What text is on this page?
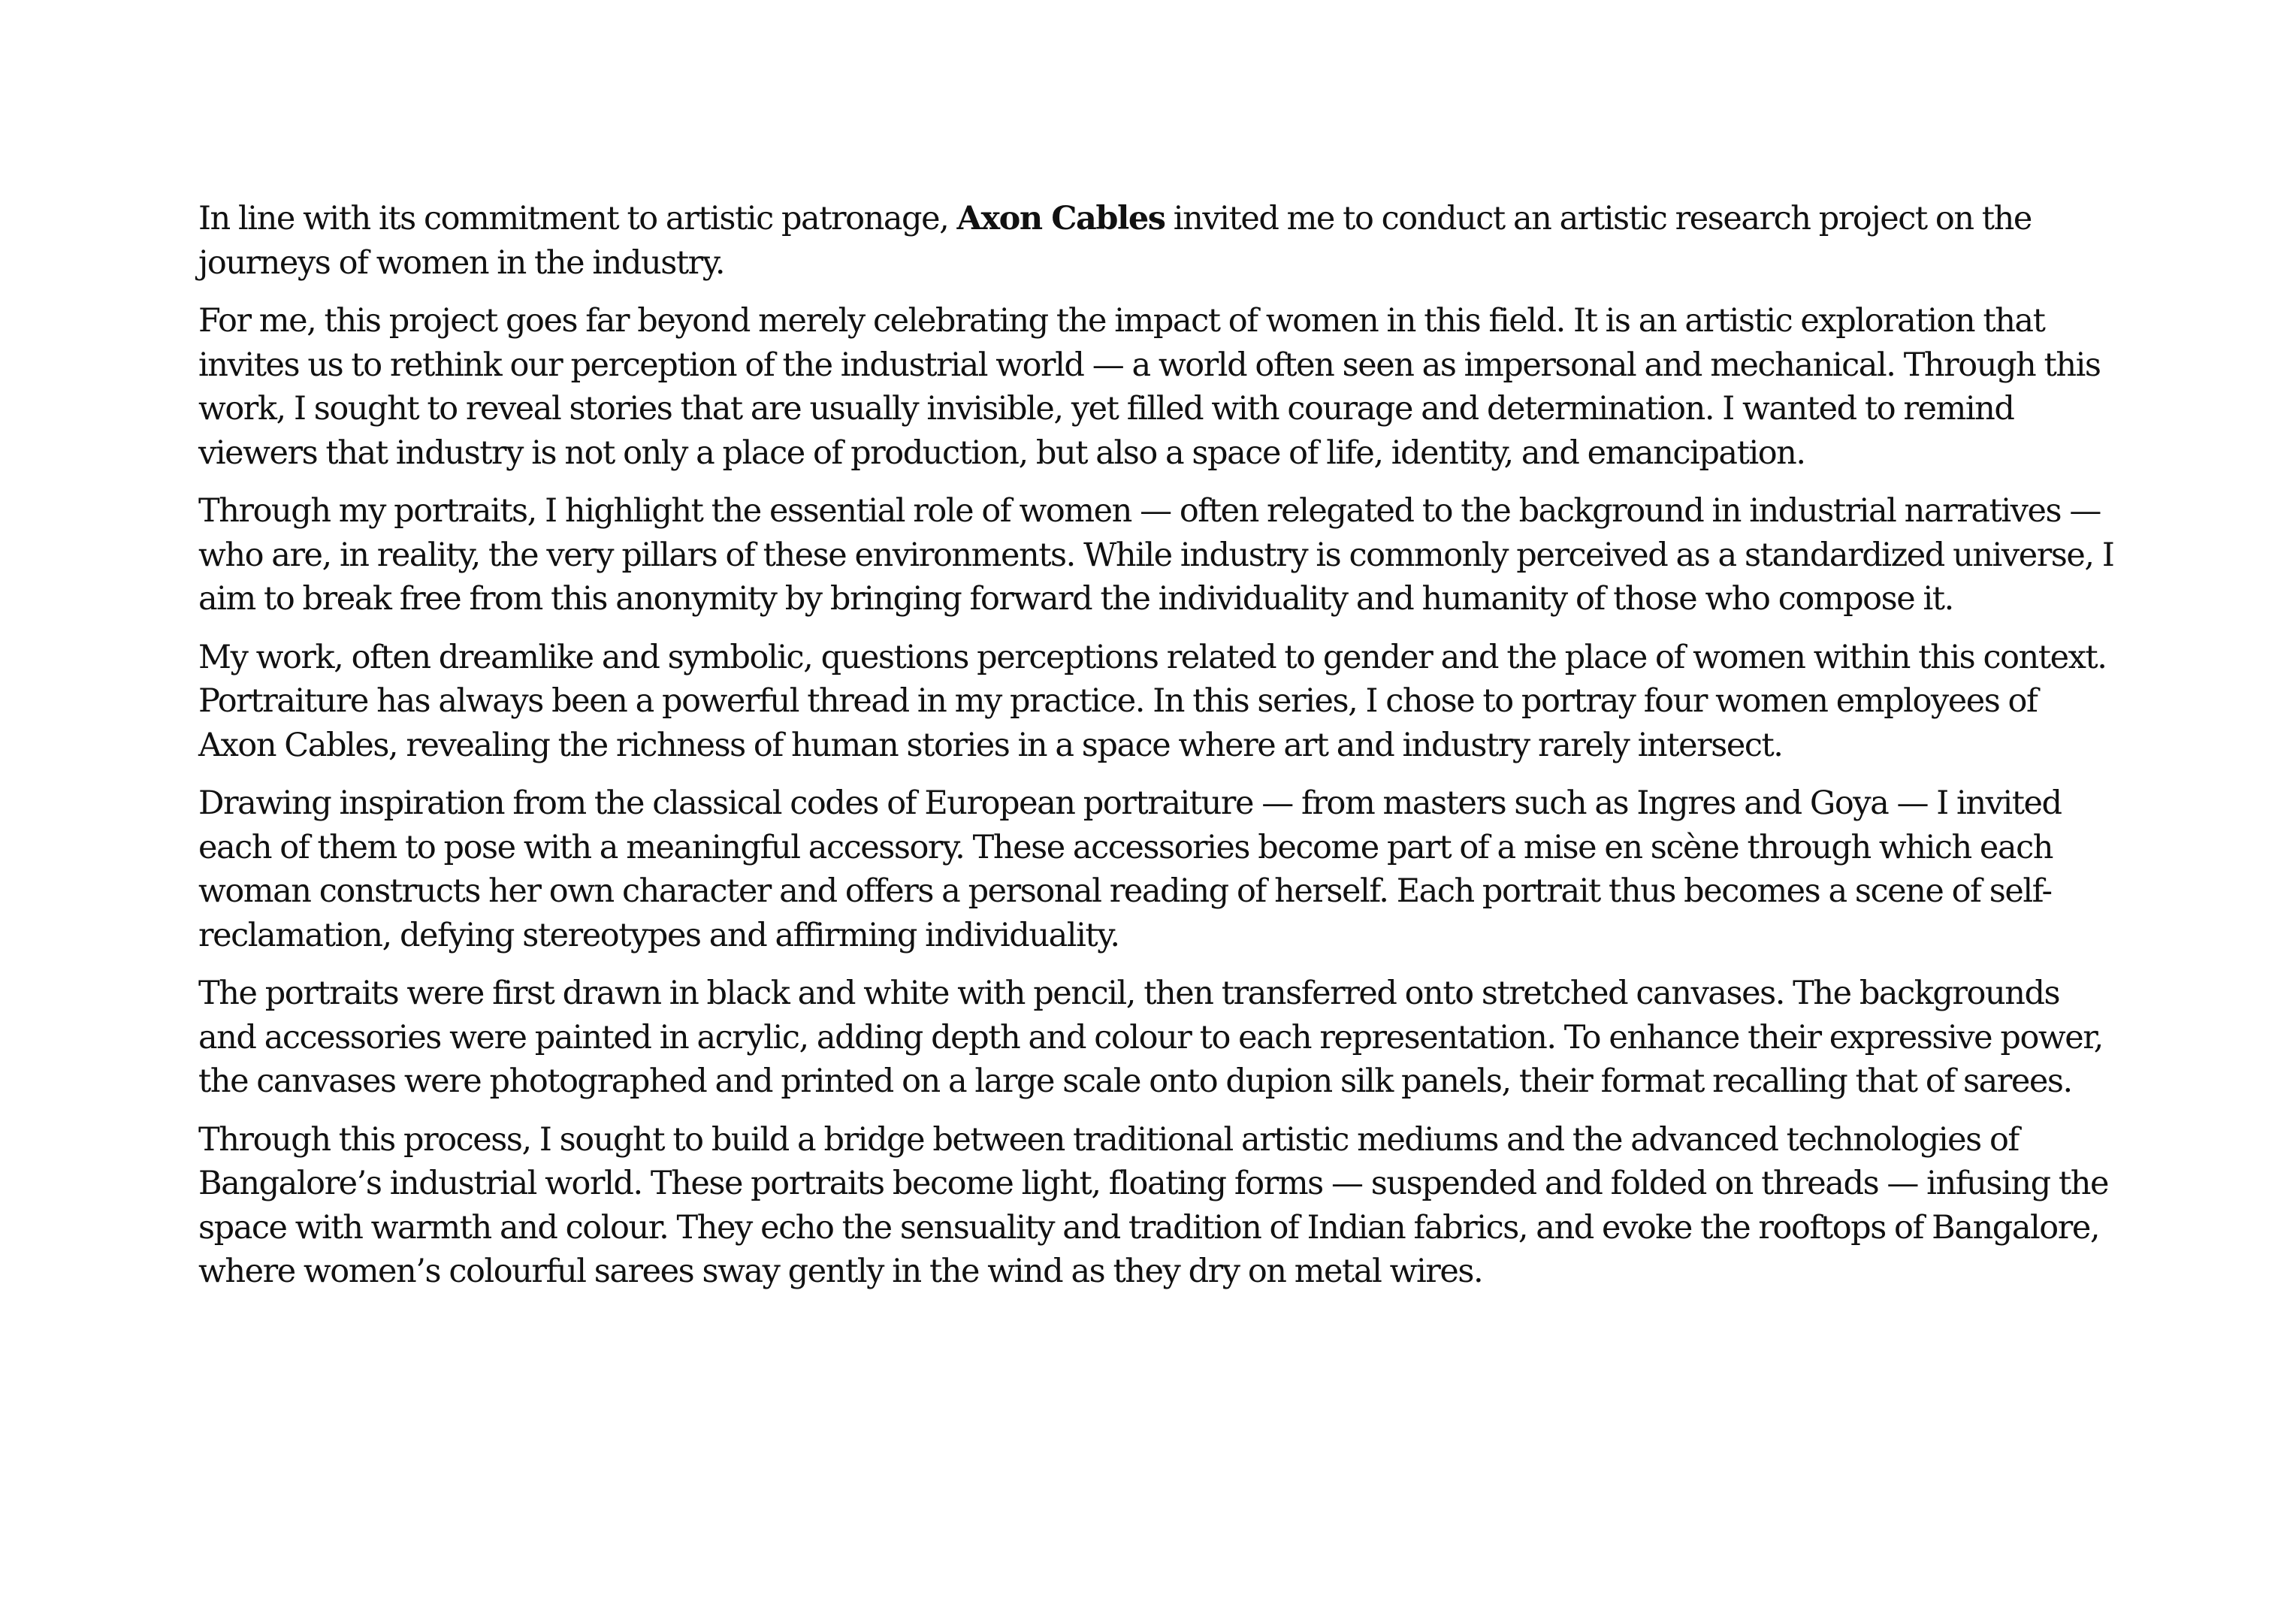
In line with its commitment to artistic patronage, Axon Cables invited me to conduct an artistic research project on the journeys of women in the industry.

For me, this project goes far beyond merely celebrating the impact of women in this field. It is an artistic exploration that invites us to rethink our perception of the industrial world — a world often seen as impersonal and mechanical. Through this work, I sought to reveal stories that are usually invisible, yet filled with courage and determination. I wanted to remind viewers that industry is not only a place of production, but also a space of life, identity, and emancipation.

Through my portraits, I highlight the essential role of women — often relegated to the background in industrial narratives — who are, in reality, the very pillars of these environments. While industry is commonly perceived as a standardized universe, I aim to break free from this anonymity by bringing forward the individuality and humanity of those who compose it.

My work, often dreamlike and symbolic, questions perceptions related to gender and the place of women within this context. Portraiture has always been a powerful thread in my practice. In this series, I chose to portray four women employees of Axon Cables, revealing the richness of human stories in a space where art and industry rarely intersect.

Drawing inspiration from the classical codes of European portraiture — from masters such as Ingres and Goya — I invited each of them to pose with a meaningful accessory. These accessories become part of a mise en scène through which each woman constructs her own character and offers a personal reading of herself. Each portrait thus becomes a scene of self-reclamation, defying stereotypes and affirming individuality.

The portraits were first drawn in black and white with pencil, then transferred onto stretched canvases. The backgrounds and accessories were painted in acrylic, adding depth and colour to each representation. To enhance their expressive power, the canvases were photographed and printed on a large scale onto dupion silk panels, their format recalling that of sarees.

Through this process, I sought to build a bridge between traditional artistic mediums and the advanced technologies of Bangalore’s industrial world. These portraits become light, floating forms — suspended and folded on threads — infusing the space with warmth and colour. They echo the sensuality and tradition of Indian fabrics, and evoke the rooftops of Bangalore, where women’s colourful sarees sway gently in the wind as they dry on metal wires.
